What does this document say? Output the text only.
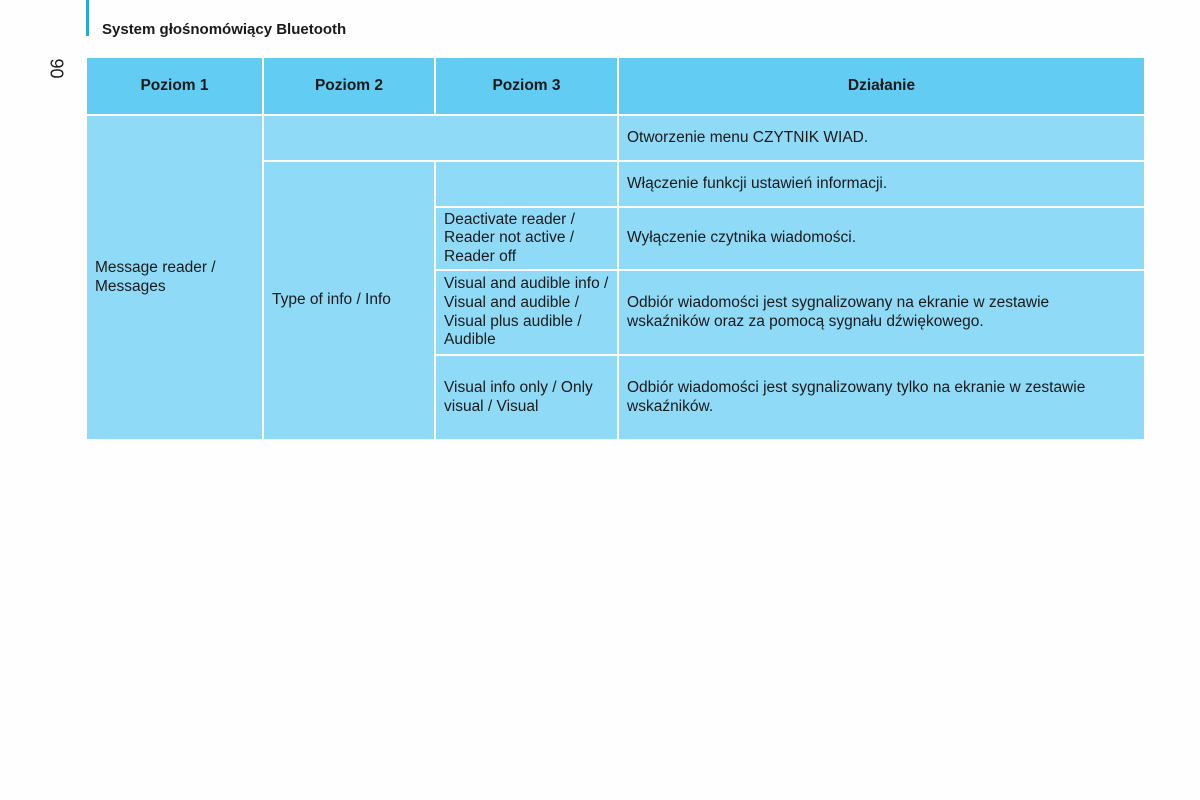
System głośnomówiący Bluetooth
90
Poziom 1	Poziom 2	Poziom 3	Działanie
Message reader / Messages			Otworzenie menu CZYTNIK WIAD.
	Type of info / Info		Włączenie funkcji ustawień informacji.
		Deactivate reader / Reader not active / Reader off	Wyłączenie czytnika wiadomości.
		Visual and audible info / Visual and audible / Visual plus audible / Audible	Odbiór wiadomości jest sygnalizowany na ekranie w zestawie wskaźników oraz za pomocą sygnału dźwiękowego.
		Visual info only / Only visual / Visual	Odbiór wiadomości jest sygnalizowany tylko na ekranie w zestawie wskaźników.
